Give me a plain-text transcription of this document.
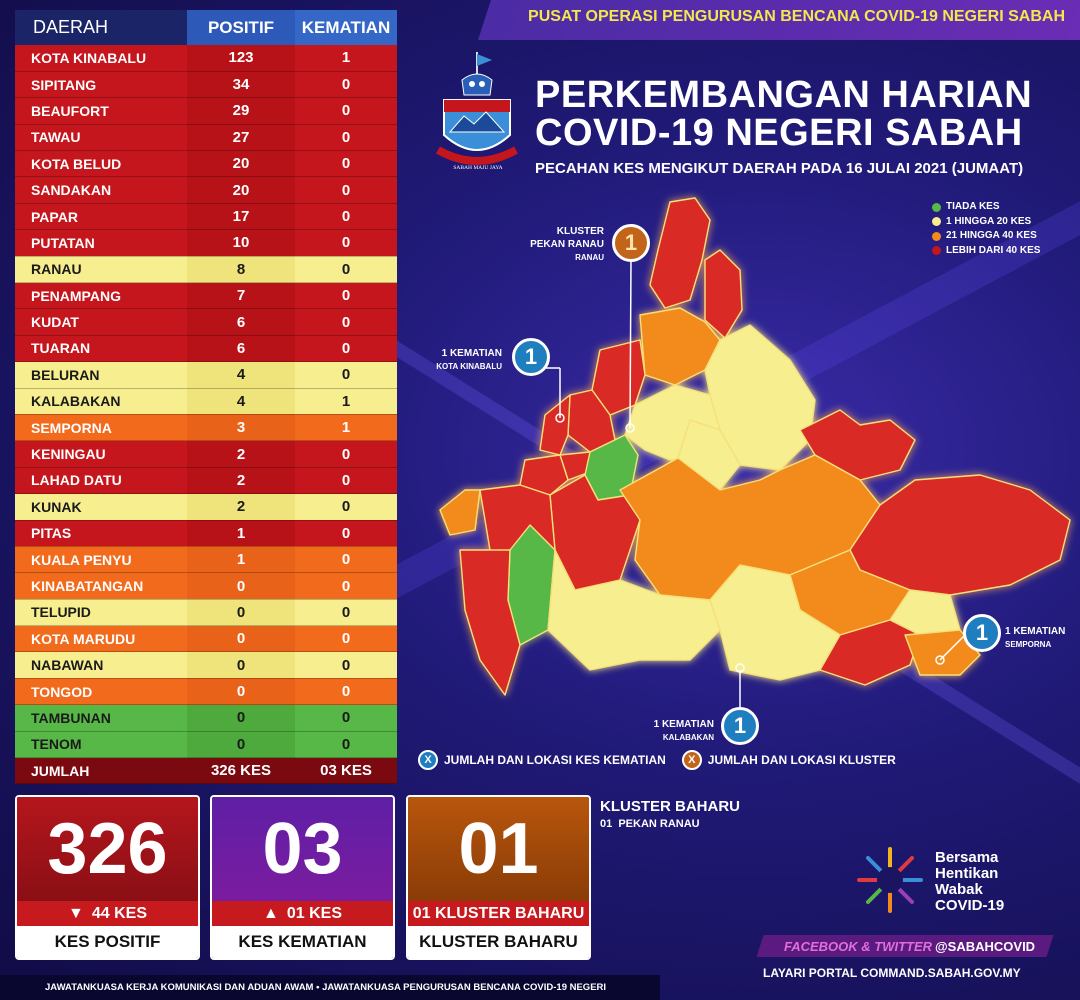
DAERAH	POSITIF	KEMATIAN
KOTA KINABALU	123	1
SIPITANG	34	0
BEAUFORT	29	0
TAWAU	27	0
KOTA BELUD	20	0
SANDAKAN	20	0
PAPAR	17	0
PUTATAN	10	0
RANAU	8	0
PENAMPANG	7	0
KUDAT	6	0
TUARAN	6	0
BELURAN	4	0
KALABAKAN	4	1
SEMPORNA	3	1
KENINGAU	2	0
LAHAD DATU	2	0
KUNAK	2	0
PITAS	1	0
KUALA PENYU	1	0
KINABATANGAN	0	0
TELUPID	0	0
KOTA MARUDU	0	0
NABAWAN	0	0
TONGOD	0	0
TAMBUNAN	0	0
TENOM	0	0
JUMLAH	326 KES	03 KES
PUSAT OPERASI PENGURUSAN BENCANA COVID-19 NEGERI SABAH
SABAH MAJU JAYA
PERKEMBANGAN HARIAN
COVID-19 NEGERI SABAH
PECAHAN KES MENGIKUT DAERAH PADA 16 JULAI 2021 (JUMAAT)
TIADA KES
1 HINGGA 20 KES
21 HINGGA 40 KES
LEBIH DARI 40 KES
KLUSTER
PEKAN RANAU
RANAU
1
1 KEMATIAN
KOTA KINABALU	1
1	1 KEMATIAN
SEMPORNA
1 KEMATIAN
KALABAKAN 1
X	JUMLAH DAN LOKASI KES KEMATIAN	X	JUMLAH DAN LOKASI KLUSTER
326
▼ 44 KES
KES POSITIF
03
▲ 01 KES
KES KEMATIAN
01
01 KLUSTER BAHARU
KLUSTER BAHARU
KLUSTER BAHARU
01  PEKAN RANAU
Bersama
Hentikan
Wabak
COVID-19
FACEBOOK & TWITTER @SABAHCOVID
LAYARI PORTAL COMMAND.SABAH.GOV.MY
JAWATANKUASA KERJA KOMUNIKASI DAN ADUAN AWAM • JAWATANKUASA PENGURUSAN BENCANA COVID-19 NEGERI
